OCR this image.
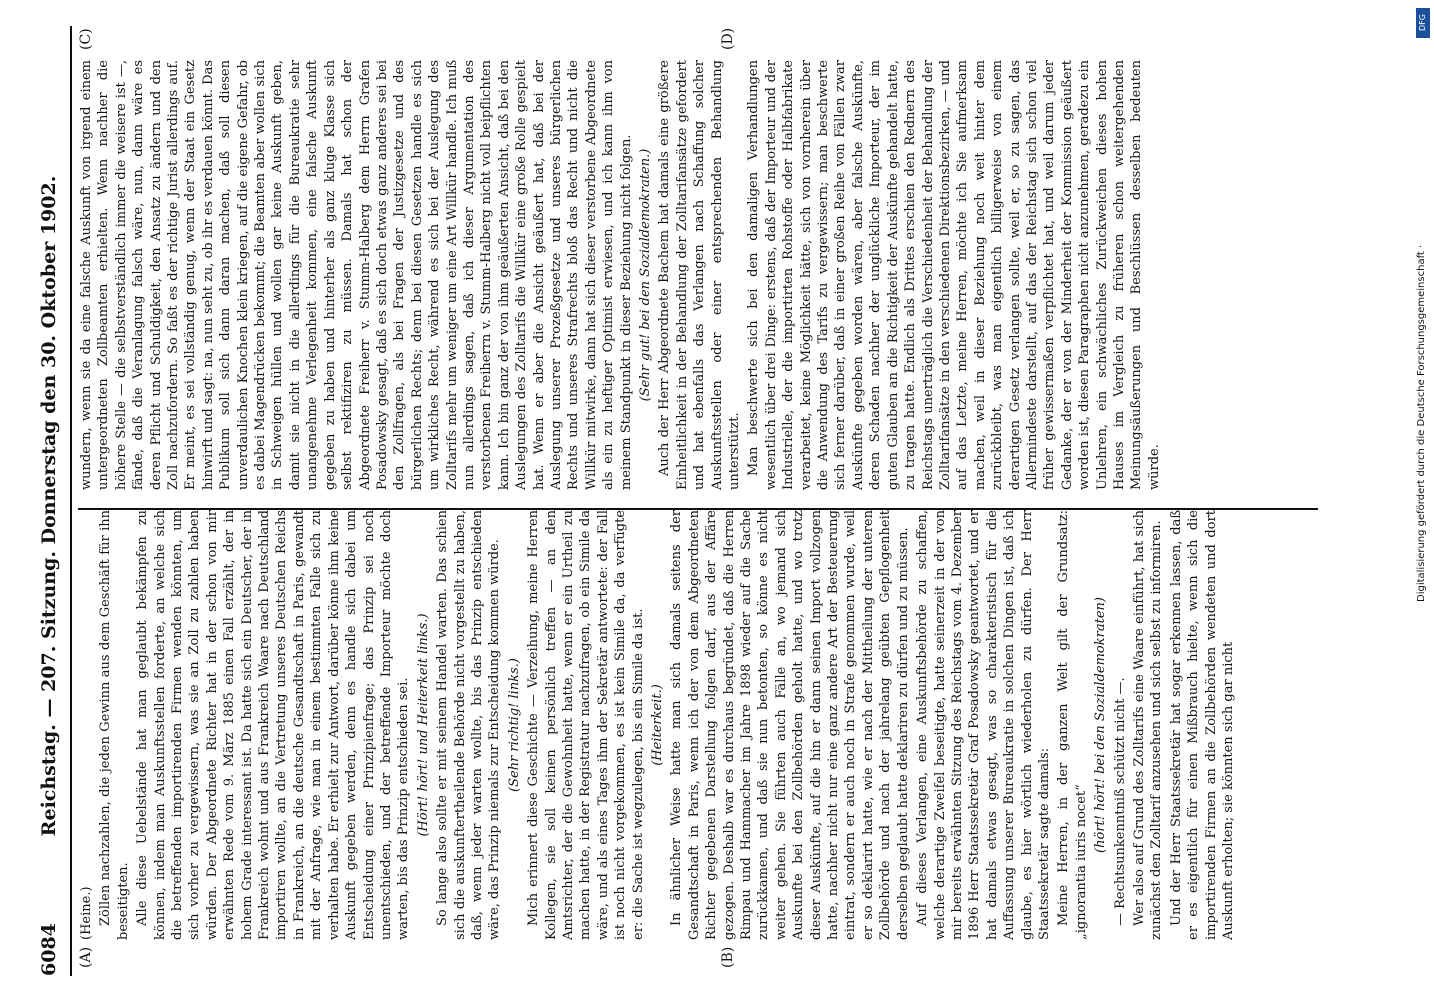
6084
Reichstag. — 207. Sitzung. Donnerstag den 30. Oktober 1902.
(A)	(B)
(C)	(D)

(Heine.) Zöllen nachzahlen, die jeden Gewinn aus dem Geschäft für ihn beseitigten. Alle diese Uebelstände hat man geglaubt bekämpfen zu können, indem man Auskunftsstellen forderte, an welche sich die betreffenden importirenden Firmen wenden könnten, um sich vorher zu vergewissern, was sie an Zoll zu zahlen haben würden. Der Abgeordnete Richter hat in der schon von mir erwähnten Rede vom 9. März 1885 einen Fall erzählt, der in hohem Grade interessant ist. Da hatte sich ein Deutscher, der in Frankreich wohnt und aus Frankreich Waare nach Deutschland importiren wollte, an die Vertretung unseres Deutschen Reichs in Frankreich, an die deutsche Gesandtschaft in Paris, gewandt mit der Anfrage, wie man in einem bestimmten Falle sich zu verhalten habe. Er erhielt zur Antwort, darüber könne ihm keine Auskunft gegeben werden, denn es handle sich dabei um Entscheidung einer Prinzipienfrage; das Prinzip sei noch unentschieden, und der betreffende Importeur möchte doch warten, bis das Prinzip entschieden sei. (Hört! hört! und Heiterkeit links.) So lange also sollte er mit seinem Handel warten. Das schien sich die auskunftertheilende Behörde nicht vorgestellt zu haben, daß, wenn jeder warten wollte, bis das Prinzip entschieden wäre, das Prinzip niemals zur Entscheidung kommen würde. (Sehr richtig! links.) Mich erinnert diese Geschichte — Verzeihung, meine Herren Kollegen, sie soll keinen persönlich treffen — an den Amtsrichter, der die Gewohnheit hatte, wenn er ein Urtheil zu machen hatte, in der Registratur nachzufragen, ob ein Simile da wäre, und als eines Tages ihm der Sekretär antwortete: der Fall ist noch nicht vorgekommen, es ist kein Simile da, da verfügte er: die Sache ist wegzulegen, bis ein Simile da ist. (Heiterkeit.) In ähnlicher Weise hatte man sich damals seitens der Gesandtschaft in Paris, wenn ich der von dem Abgeordneten Richter gegebenen Darstellung folgen darf, aus der Affäre gezogen. Deshalb war es durchaus begründet, daß die Herren Rimpau und Hammacher im Jahre 1898 wieder auf die Sache zurückkamen, und daß sie nun betonten, so könne es nicht weiter gehen. Sie führten auch Fälle an, wo jemand sich Auskunfte bei den Zollbehörden geholt hatte, und wo trotz dieser Auskünfte, auf die hin er dann seinen Import vollzogen hatte, nachher nicht nur eine ganz andere Art der Besteuerung eintrat, sondern er auch noch in Strafe genommen wurde, weil er so deklarirt hatte, wie er nach der Mittheilung der unteren Zollbehörde und nach der jahrelang geübten Gepflogenheit derselben geglaubt hatte deklariren zu dürfen und zu müssen. Auf dieses Verlangen, eine Auskunftsbehörde zu schaffen, welche derartige Zweifel beseitigte, hatte seinerzeit in der von mir bereits erwähnten Sitzung des Reichstags vom 4. Dezember 1896 Herr Staatssekretär Graf Posadowsky geantwortet, und er hat damals etwas gesagt, was so charakteristisch für die Auffassung unserer Bureaukratie in solchen Dingen ist, daß ich glaube, es hier wörtlich wiederholen zu dürfen. Der Herr Staatssekretär sagte damals: Meine Herren, in der ganzen Welt gilt der Grundsatz: „ignorantia iuris nocet“

(hört! hört! bei den Sozialdemokraten) — Rechtsunkenntniß schützt nicht —. Wer also auf Grund des Zolltarifs eine Waare einführt, hat sich zunächst den Zolltarif anzusehen und sich selbst zu informiren. Und der Herr Staatssekretär hat sogar erkennen lassen, daß er es eigentlich für einen Mißbrauch hielte, wenn sich die importirenden Firmen an die Zollbehörden wendeten und dort Auskunft erholten; sie könnten sich gar nicht

wundern, wenn sie da eine falsche Auskunft von irgend einem untergeordneten Zollbeamten erhielten. Wenn nachher die höhere Stelle — die selbstverständlich immer die weisere ist —, fände, daß die Veranlagung falsch wäre, nun, dann wäre es deren Pflicht und Schuldigkeit, den Ansatz zu ändern und den Zoll nachzufordern. So faßt es der richtige Jurist allerdings auf. Er meint, es sei vollständig genug, wenn der Staat ein Gesetz hinwirft und sagt: na, nun seht zu, ob ihr es verdauen könnt. Das Publikum soll sich dann daran machen, daß soll diesen unverdaulichen Knochen klein kriegen, auf die eigene Gefahr, ob es dabei Magendrücken bekommt; die Beamten aber wollen sich in Schweigen hüllen und wollen gar keine Auskunft geben, damit sie nicht in die allerdings für die Bureaukratie sehr unangenehme Verlegenheit kommen, eine falsche Auskunft gegeben zu haben und hinterher als ganz kluge Klasse sich selbst rektifiziren zu müssen. Damals hat schon der Abgeordnete Freiherr v. Stumm-Halberg dem Herrn Grafen Posadowsky gesagt, daß es sich doch etwas ganz anderes sei bei den Zollfragen, als bei Fragen der Justizgesetze und des bürgerlichen Rechts; denn bei diesen Gesetzen handle es sich um wirkliches Recht, während es sich bei der Auslegung des Zolltarifs mehr um weniger um eine Art Willkür handle. Ich muß nun allerdings sagen, daß ich dieser Argumentation des verstorbenen Freiherrn v. Stumm-Halberg nicht voll beipflichten kann. Ich bin ganz der von ihm geäußerten Ansicht, daß bei den Auslegungen des Zolltarifs die Willkür eine große Rolle gespielt hat. Wenn er aber die Ansicht geäußert hat, daß bei der Auslegung unserer Prozeßgesetze und unseres bürgerlichen Rechts und unseres Strafrechts bloß das Recht und nicht die Willkür mitwirke, dann hat sich dieser verstorbene Abgeordnete als ein zu heftiger Optimist erwiesen, und ich kann ihm von meinem Standpunkt in dieser Beziehung nicht folgen. (Sehr gut! bei den Sozialdemokraten.) Auch der Herr Abgeordnete Bachem hat damals eine größere Einheitlichkeit in der Behandlung der Zolltarifansätze gefordert und hat ebenfalls das Verlangen nach Schaffung solcher Auskunftsstellen oder einer entsprechenden Behandlung unterstützt. Man beschwerte sich bei den damaligen Verhandlungen wesentlich über drei Dinge: erstens, daß der Importeur und der Industrielle, der die importirten Rohstoffe oder Halbfabrikate verarbeitet, keine Möglichkeit hätte, sich von vornherein über die Anwendung des Tarifs zu vergewissern; man beschwerte sich ferner darüber, daß in einer großen Reihe von Fällen zwar Auskünfte gegeben worden wären, aber falsche Auskünfte, deren Schaden nachher der unglückliche Importeur, der im guten Glauben an die Richtigkeit der Auskünfte gehandelt hatte, zu tragen hatte. Endlich als Drittes erschien den Rednern des Reichstags unerträglich die Verschiedenheit der Behandlung der Zolltarifansätze in den verschiedenen Direktionsbezirken, — und auf das Letzte, meine Herren, möchte ich Sie aufmerksam machen, weil in dieser Beziehung noch weit hinter dem zurückbleibt, was man eigentlich billigerweise von einem derartigen Gesetz verlangen sollte, weil er, so zu sagen, das Allermindeste darstellt, auf das der Reichstag sich schon viel früher gewissermaßen verpflichtet hat, und weil darum jeder Gedanke, der er von der Minderheit der Kommission geäußert worden ist, diesen Paragraphen nicht anzunehmen, geradezu ein Unlehren, ein schwächliches Zurückweichen dieses hohen Hauses im Vergleich zu früheren schon weitergehenden Meinungsäußerungen und Beschlüssen desselben bedeuten würde.

DFG
Digitalisierung gefördert durch die Deutsche Forschungsgemeinschaft ·
